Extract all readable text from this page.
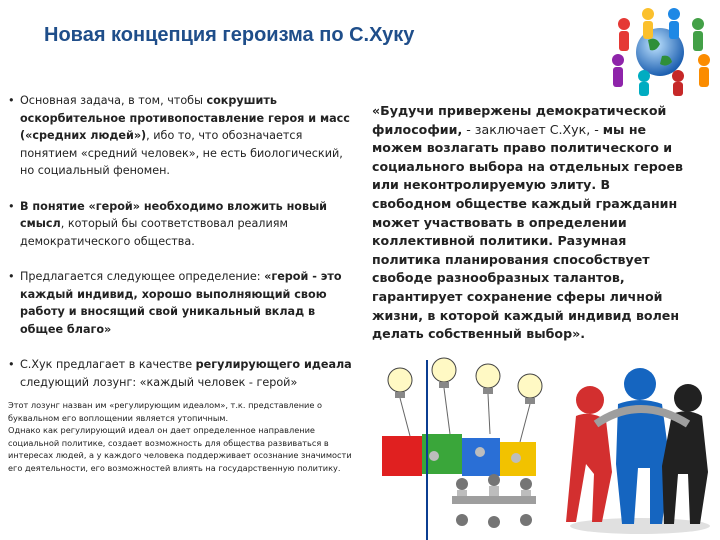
Новая концепция героизма по С.Хуку
• Основная задача, в том, чтобы сокрушить оскорбительное противопоставление героя и масс («средних людей»), ибо то, что обозначается понятием «средний человек», не есть биологический, но социальный феномен.
• В понятие «герой» необходимо вложить новый смысл, который бы соответствовал реалиям демократического общества.
• Предлагается следующее определение: «герой - это каждый индивид, хорошо выполняющий свою работу и вносящий свой уникальный вклад в общее благо»
• С.Хук предлагает в качестве регулирующего идеала следующий лозунг: «каждый человек - герой»

Этот лозунг назван им «регулирующим идеалом», т.к. представление о буквальном его воплощении является утопичным.

Однако как регулирующий идеал он дает определенное направление социальной политике, создает возможность для общества развиваться в интересах людей, а у каждого человека поддерживает осознание значимости его деятельности, его возможностей влиять на государственную политику.

«Будучи привержены демократической философии, - заключает С.Хук, - мы не можем возлагать право политического и социального выбора на отдельных героев или неконтролируемую элиту. В свободном обществе каждый гражданин может участвовать в определении коллективной политики. Разумная политика планирования способствует свободе разнообразных талантов, гарантирует сохранение сферы личной жизни, в которой каждый индивид волен делать собственный выбор».
